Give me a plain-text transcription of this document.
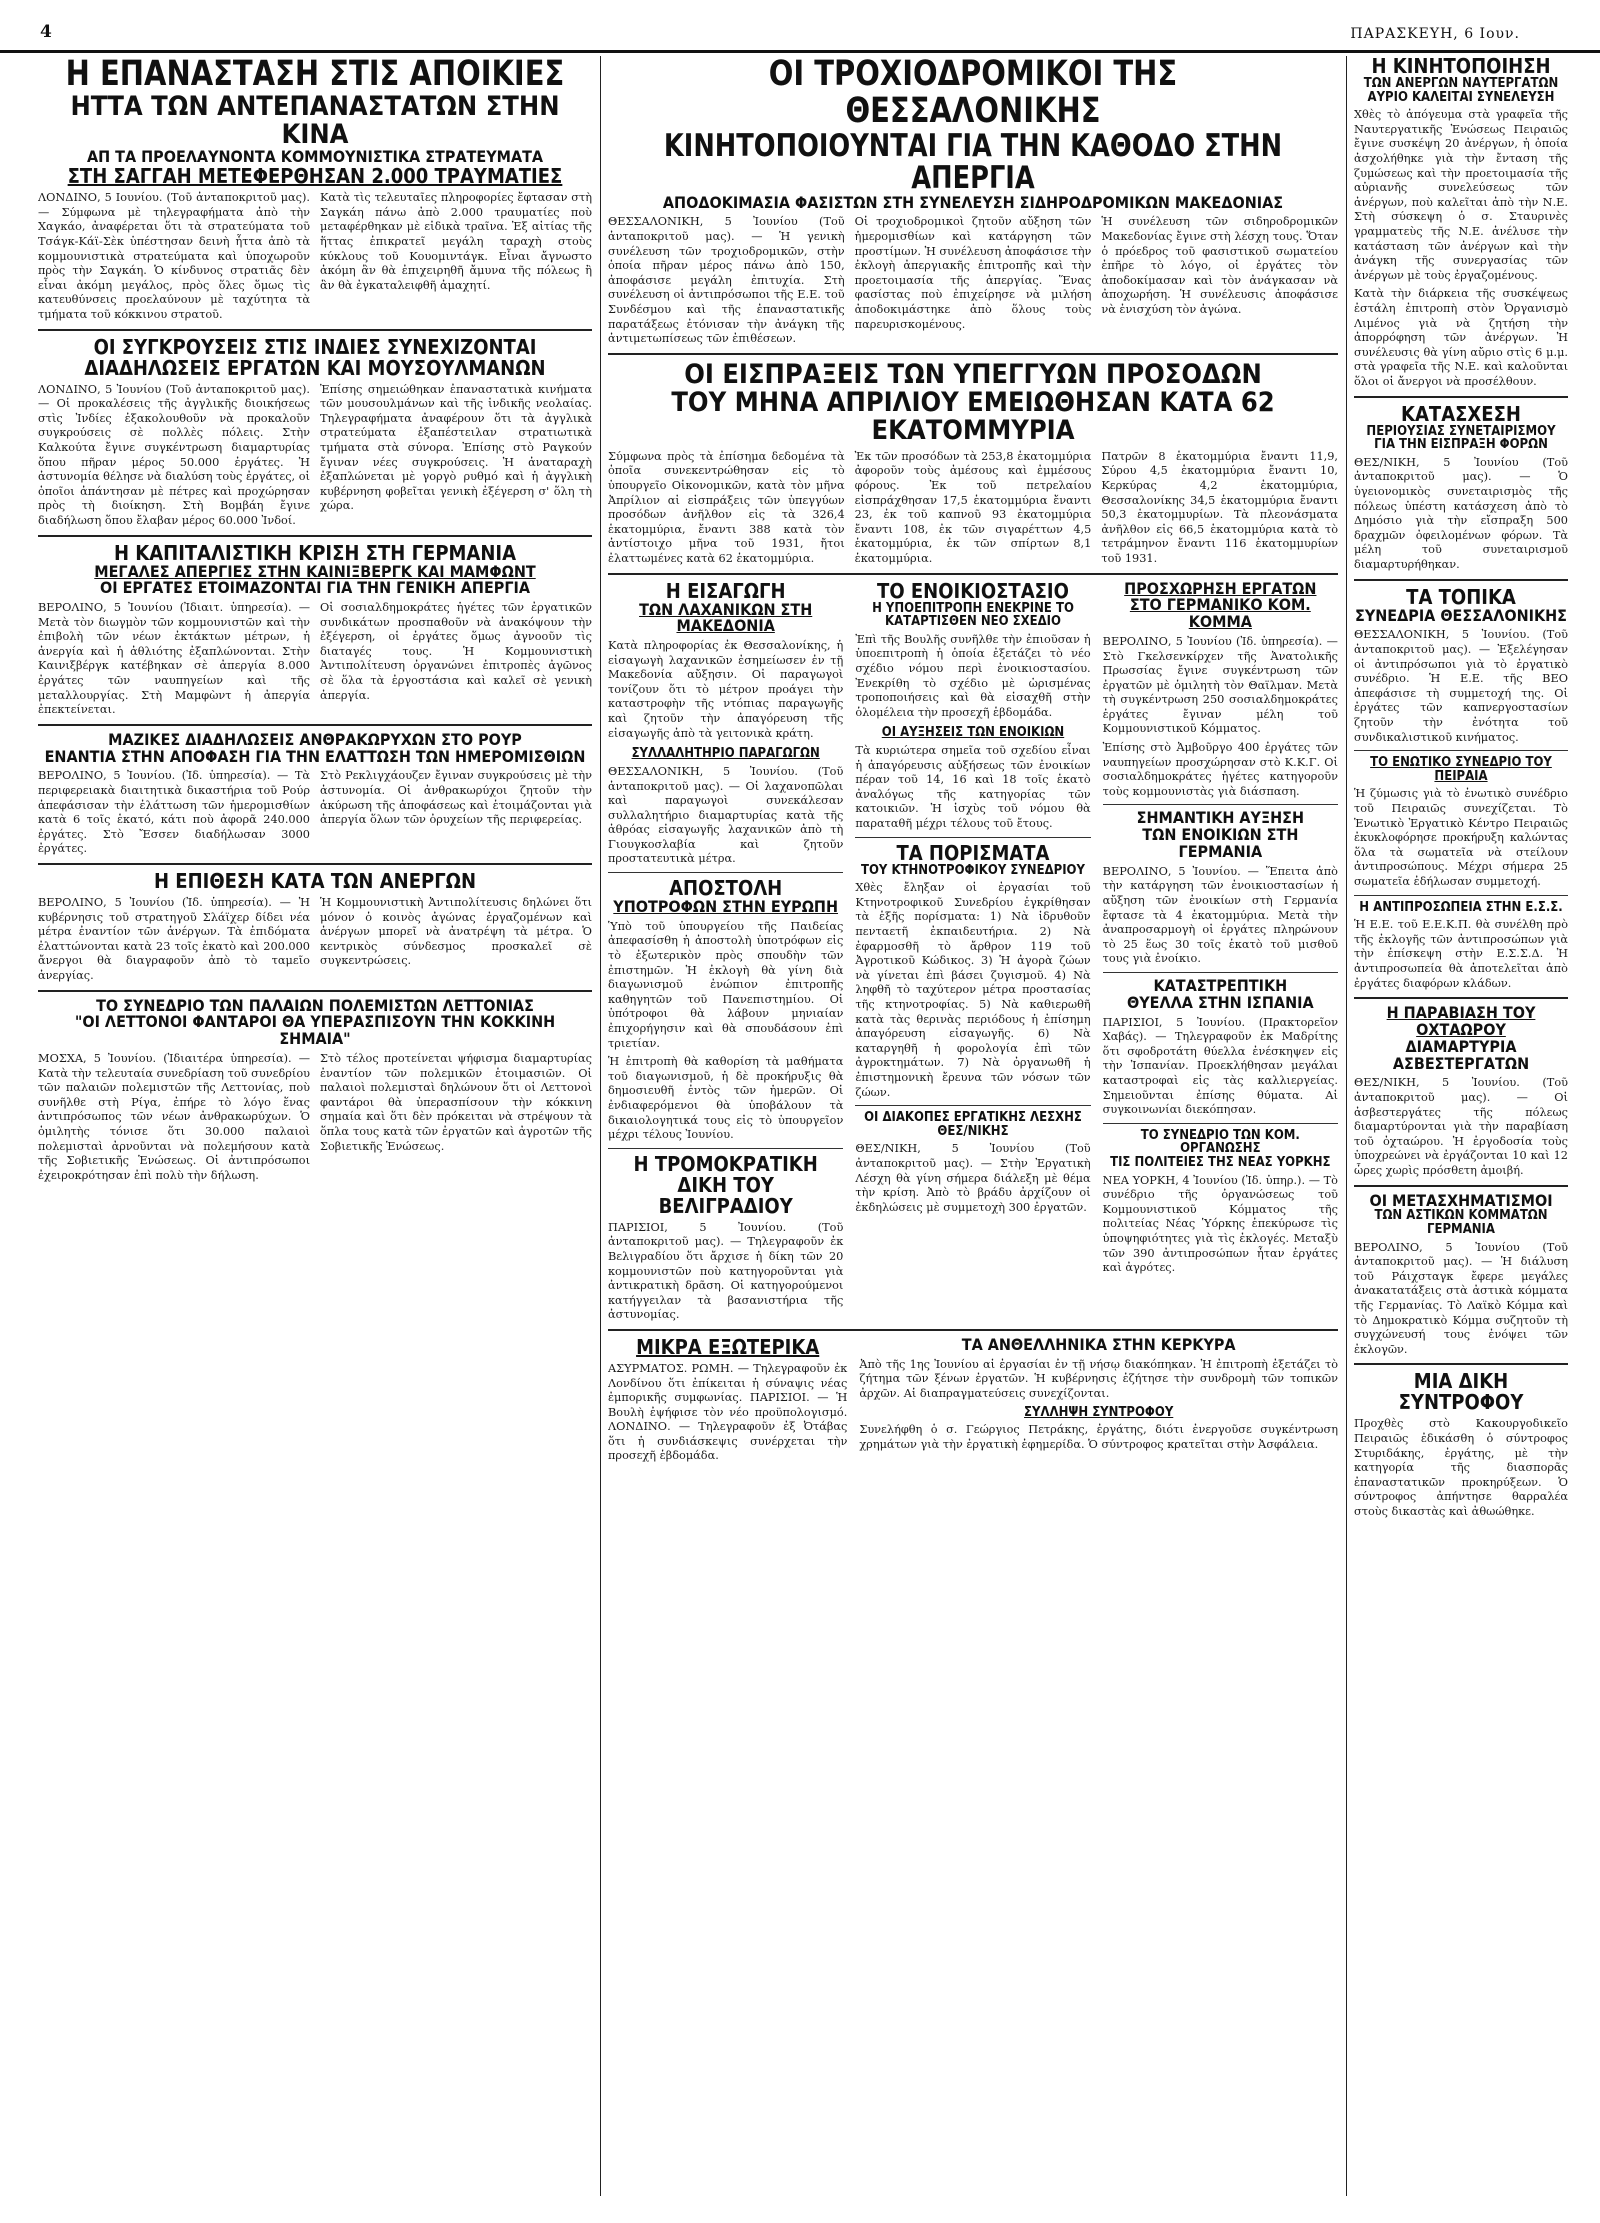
4	ΠΑΡΑΣΚΕΥΗ, 6 Ιουν.
Η ΕΠΑΝΑΣΤΑΣΗ ΣΤΙΣ ΑΠΟΙΚΙΕΣ
ΗΤΤΑ ΤΩΝ ΑΝΤΕΠΑΝΑΣΤΑΤΩΝ ΣΤΗΝ ΚΙΝΑ
ΑΠ ΤΑ ΠΡΟΕΛΑΥΝΟΝΤΑ ΚΟΜΜΟΥΝΙΣΤΙΚΑ ΣΤΡΑΤΕΥΜΑΤΑ
ΣΤΗ ΣΑΓΓΑΗ ΜΕΤΕΦΕΡΘΗΣΑΝ 2.000 ΤΡΑΥΜΑΤΙΕΣ

ΛΟΝΔΙΝΟ, 5 Ιουνίου. (Τοῦ ἀνταποκριτοῦ μας).— Σύμφωνα μὲ τηλεγραφήματα ἀπὸ τὴν Χαγκάο, ἀναφέρεται ὅτι τὰ στρατεύματα τοῦ Τσάγκ-Κάϊ-Σὲκ ὑπέστησαν δεινὴ ἧττα ἀπὸ τὰ κομμουνιστικὰ στρατεύματα καὶ ὑποχωροῦν πρὸς τὴν Σαγκάη. Ὁ κίνδυνος στρατιᾶς δὲν εἶναι ἀκόμη μεγάλος, πρὸς ὅλες ὅμως τὶς κατευθύνσεις προελαύνουν μὲ ταχύτητα τὰ τμήματα τοῦ κόκκινου στρατοῦ.

Κατὰ τὶς τελευταῖες πληροφορίες ἔφτασαν στὴ Σαγκάη πάνω ἀπὸ 2.000 τραυματίες ποὺ μεταφέρθηκαν μὲ εἰδικὰ τραῖνα. Ἐξ αἰτίας τῆς ἥττας ἐπικρατεῖ μεγάλη ταραχὴ στοὺς κύκλους τοῦ Κουομιντάγκ. Εἶναι ἄγνωστο ἀκόμη ἂν θὰ ἐπιχειρηθῆ ἄμυνα τῆς πόλεως ἢ ἂν θὰ ἐγκαταλειφθῆ ἀμαχητί.

ΟΙ ΣΥΓΚΡΟΥΣΕΙΣ ΣΤΙΣ ΙΝΔΙΕΣ ΣΥΝΕΧΙΖΟΝΤΑΙ
ΔΙΑΔΗΛΩΣΕΙΣ ΕΡΓΑΤΩΝ ΚΑΙ ΜΟΥΣΟΥΛΜΑΝΩΝ

ΛΟΝΔΙΝΟ, 5 Ἰουνίου (Τοῦ ἀνταποκριτοῦ μας). — Οἱ προκαλέσεις τῆς ἀγγλικῆς διοικήσεως στὶς Ἰνδίες ἐξακολουθοῦν νὰ προκαλοῦν συγκρούσεις σὲ πολλὲς πόλεις. Στὴν Καλκούτα ἔγινε συγκέντρωση διαμαρτυρίας ὅπου πῆραν μέρος 50.000 ἐργάτες. Ἡ ἀστυνομία θέλησε νὰ διαλύση τοὺς ἐργάτες, οἱ ὁποῖοι ἀπάντησαν μὲ πέτρες καὶ προχώρησαν πρὸς τὴ διοίκηση. Στὴ Βομβάη ἔγινε διαδήλωση ὅπου ἔλαβαν μέρος 60.000 Ἰνδοί.

Ἐπίσης σημειώθηκαν ἐπαναστατικὰ κινήματα τῶν μουσουλμάνων καὶ τῆς ἰνδικῆς νεολαίας. Τηλεγραφήματα ἀναφέρουν ὅτι τὰ ἀγγλικὰ στρατεύματα ἐξαπέστειλαν στρατιωτικὰ τμήματα στὰ σύνορα. Ἐπίσης στὸ Ραγκούν ἔγιναν νέες συγκρούσεις. Ἡ ἀναταραχὴ ἐξαπλώνεται μὲ γοργὸ ρυθμό καὶ ἡ ἀγγλικὴ κυβέρνηση φοβεῖται γενικὴ ἐξέγερση σ' ὅλη τὴ χώρα.

Η ΚΑΠΙΤΑΛΙΣΤΙΚΗ ΚΡΙΣΗ ΣΤΗ ΓΕΡΜΑΝΙΑ
ΜΕΓΑΛΕΣ ΑΠΕΡΓΙΕΣ ΣΤΗΝ ΚΑΙΝΙΞΒΕΡΓΚ ΚΑΙ ΜΑΜΦΩΝΤ
ΟΙ ΕΡΓΑΤΕΣ ΕΤΟΙΜΑΖΟΝΤΑΙ ΓΙΑ ΤΗΝ ΓΕΝΙΚΗ ΑΠΕΡΓΙΑ

ΒΕΡΟΛΙΝΟ, 5 Ἰουνίου (Ἰδιαιτ. ὑπηρεσία). — Μετὰ τὸν διωγμὸν τῶν κομμουνιστῶν καὶ τὴν ἐπιβολὴ τῶν νέων ἐκτάκτων μέτρων, ἡ ἀνεργία καὶ ἡ ἀθλιότης ἐξαπλώνονται. Στὴν Καινιξβέργκ κατέβηκαν σὲ ἀπεργία 8.000 ἐργάτες τῶν ναυπηγείων καὶ τῆς μεταλλουργίας. Στὴ Μαμφὼντ ἡ ἀπεργία ἐπεκτείνεται.

Οἱ σοσιαλδημοκράτες ἡγέτες τῶν ἐργατικῶν συνδικάτων προσπαθοῦν νὰ ἀνακόψουν τὴν ἐξέγερση, οἱ ἐργάτες ὅμως ἀγνοοῦν τὶς διαταγές τους. Ἡ Κομμουνιστικὴ Ἀντιπολίτευση ὀργανώνει ἐπιτροπὲς ἀγῶνος σὲ ὅλα τὰ ἐργοστάσια καὶ καλεῖ σὲ γενικὴ ἀπεργία.

ΜΑΖΙΚΕΣ ΔΙΑΔΗΛΩΣΕΙΣ ΑΝΘΡΑΚΩΡΥΧΩΝ ΣΤΟ ΡΟΥΡ
ΕΝΑΝΤΙΑ ΣΤΗΝ ΑΠΟΦΑΣΗ ΓΙΑ ΤΗΝ ΕΛΑΤΤΩΣΗ ΤΩΝ ΗΜΕΡΟΜΙΣΘΙΩΝ

ΒΕΡΟΛΙΝΟ, 5 Ἰουνίου. (Ἰδ. ὑπηρεσία). — Τὰ περιφερειακὰ διαιτητικὰ δικαστήρια τοῦ Ρούρ ἀπεφάσισαν τὴν ἐλάττωση τῶν ἡμερομισθίων κατὰ 6 τοῖς ἑκατό, κάτι ποὺ ἀφορᾶ 240.000 ἐργάτες. Στὸ Ἔσσεν διαδήλωσαν 3000 ἐργάτες.

Στὸ Ρεκλιγχάουζεν ἔγιναν συγκρούσεις μὲ τὴν ἀστυνομία. Οἱ ἀνθρακωρύχοι ζητοῦν τὴν ἀκύρωση τῆς ἀποφάσεως καὶ ἑτοιμάζονται γιὰ ἀπεργία ὅλων τῶν ὀρυχείων τῆς περιφερείας.

Η ΕΠΙΘΕΣΗ ΚΑΤΑ ΤΩΝ ΑΝΕΡΓΩΝ

ΒΕΡΟΛΙΝΟ, 5 Ἰουνίου (Ἰδ. ὑπηρεσία). — Ἡ κυβέρνησις τοῦ στρατηγοῦ Σλάϊχερ δίδει νέα μέτρα ἐναντίον τῶν ἀνέργων. Τὰ ἐπιδόματα ἐλαττώνονται κατὰ 23 τοῖς ἑκατὸ καὶ 200.000 ἄνεργοι θὰ διαγραφοῦν ἀπὸ τὸ ταμεῖο ἀνεργίας.

Ἡ Κομμουνιστικὴ Ἀντιπολίτευσις δηλώνει ὅτι μόνον ὁ κοινὸς ἀγώνας ἐργαζομένων καὶ ἀνέργων μπορεῖ νὰ ἀνατρέψη τὰ μέτρα. Ὁ κεντρικὸς σύνδεσμος προσκαλεῖ σὲ συγκεντρώσεις.

ΤΟ ΣΥΝΕΔΡΙΟ ΤΩΝ ΠΑΛΑΙΩΝ ΠΟΛΕΜΙΣΤΩΝ ΛΕΤΤΟΝΙΑΣ
"ΟΙ ΛΕΤΤΟΝΟΙ ΦΑΝΤΑΡΟΙ ΘΑ ΥΠΕΡΑΣΠΙΣΟΥΝ ΤΗΝ ΚΟΚΚΙΝΗ ΣΗΜΑΙΑ"

ΜΟΣΧΑ, 5 Ἰουνίου. (Ἰδιαιτέρα ὑπηρεσία). — Κατὰ τὴν τελευταία συνεδρίαση τοῦ συνεδρίου τῶν παλαιῶν πολεμιστῶν τῆς Λεττονίας, ποὺ συνῆλθε στὴ Ρίγα, ἐπήρε τὸ λόγο ἕνας ἀντιπρόσωπος τῶν νέων ἀνθρακωρύχων. Ὁ ὁμιλητὴς τόνισε ὅτι 30.000 παλαιοὶ πολεμισταὶ ἀρνοῦνται νὰ πολεμήσουν κατὰ τῆς Σοβιετικῆς Ἑνώσεως. Οἱ ἀντιπρόσωποι ἐχειροκρότησαν ἐπὶ πολὺ τὴν δήλωση.

Στὸ τέλος προτείνεται ψήφισμα διαμαρτυρίας ἐναντίον τῶν πολεμικῶν ἑτοιμασιῶν. Οἱ παλαιοὶ πολεμισταὶ δηλώνουν ὅτι οἱ Λεττονοὶ φαντάροι θὰ ὑπερασπίσουν τὴν κόκκινη σημαία καὶ ὅτι δὲν πρόκειται νὰ στρέψουν τὰ ὅπλα τους κατὰ τῶν ἐργατῶν καὶ ἀγροτῶν τῆς Σοβιετικῆς Ἑνώσεως.

ΟΙ ΤΡΟΧΙΟΔΡΟΜΙΚΟΙ ΤΗΣ ΘΕΣΣΑΛΟΝΙΚΗΣ
ΚΙΝΗΤΟΠΟΙΟΥΝΤΑΙ ΓΙΑ ΤΗΝ ΚΑΘΟΔΟ ΣΤΗΝ ΑΠΕΡΓΙΑ
ΑΠΟΔΟΚΙΜΑΣΙΑ ΦΑΣΙΣΤΩΝ ΣΤΗ ΣΥΝΕΛΕΥΣΗ ΣΙΔΗΡΟΔΡΟΜΙΚΩΝ ΜΑΚΕΔΟΝΙΑΣ

ΘΕΣΣΑΛΟΝΙΚΗ, 5 Ἰουνίου (Τοῦ ἀνταποκριτοῦ μας). — Ἡ γενικὴ συνέλευση τῶν τροχιοδρομικῶν, στὴν ὁποία πῆραν μέρος πάνω ἀπὸ 150, ἀποφάσισε μεγάλη ἐπιτυχία. Στὴ συνέλευση οἱ ἀντιπρόσωποι τῆς Ε.Ε. τοῦ Συνδέσμου καὶ τῆς ἐπαναστατικῆς παρατάξεως ἐτόνισαν τὴν ἀνάγκη τῆς ἀντιμετωπίσεως τῶν ἐπιθέσεων.

Οἱ τροχιοδρομικοὶ ζητοῦν αὔξηση τῶν ἡμερομισθίων καὶ κατάργηση τῶν προστίμων. Ἡ συνέλευση ἀποφάσισε τὴν ἐκλογὴ ἀπεργιακῆς ἐπιτροπῆς καὶ τὴν προετοιμασία τῆς ἀπεργίας. Ἕνας φασίστας ποὺ ἐπιχείρησε νὰ μιλήση ἀποδοκιμάστηκε ἀπὸ ὅλους τοὺς παρευρισκομένους.

Ἡ συνέλευση τῶν σιδηροδρομικῶν Μακεδονίας ἔγινε στὴ λέσχη τους. Ὅταν ὁ πρόεδρος τοῦ φασιστικοῦ σωματείου ἐπῆρε τὸ λόγο, οἱ ἐργάτες τὸν ἀποδοκίμασαν καὶ τὸν ἀνάγκασαν νὰ ἀποχωρήση. Ἡ συνέλευσις ἀποφάσισε νὰ ἐνισχύση τὸν ἀγώνα.

ΟΙ ΕΙΣΠΡΑΞΕΙΣ ΤΩΝ ΥΠΕΓΓΥΩΝ ΠΡΟΣΟΔΩΝ
ΤΟΥ ΜΗΝΑ ΑΠΡΙΛΙΟΥ ΕΜΕΙΩΘΗΣΑΝ ΚΑΤΑ 62 ΕΚΑΤΟΜΜΥΡΙΑ

Σύμφωνα πρὸς τὰ ἐπίσημα δεδομένα τὰ ὁποῖα συνεκεντρώθησαν εἰς τὸ ὑπουργεῖο Οἰκονομικῶν, κατὰ τὸν μῆνα Ἀπρίλιον αἱ εἰσπράξεις τῶν ὑπεγγύων προσόδων ἀνῆλθον εἰς τὰ 326,4 ἑκατομμύρια, ἔναντι 388 κατὰ τὸν ἀντίστοιχο μῆνα τοῦ 1931, ἤτοι ἐλαττωμένες κατὰ 62 ἑκατομμύρια.

Ἐκ τῶν προσόδων τὰ 253,8 ἑκατομμύρια ἀφοροῦν τοὺς ἀμέσους καὶ ἐμμέσους φόρους. Ἐκ τοῦ πετρελαίου εἰσπράχθησαν 17,5 ἑκατομμύρια ἔναντι 23, ἐκ τοῦ καπνοῦ 93 ἑκατομμύρια ἔναντι 108, ἐκ τῶν σιγαρέττων 4,5 ἑκατομμύρια, ἐκ τῶν σπίρτων 8,1 ἑκατομμύρια.

Πατρῶν 8 ἑκατομμύρια ἔναντι 11,9, Σύρου 4,5 ἑκατομμύρια ἔναντι 10, Κερκύρας 4,2 ἑκατομμύρια, Θεσσαλονίκης 34,5 ἑκατομμύρια ἔναντι 50,3 ἑκατομμυρίων. Τὰ πλεονάσματα ἀνῆλθον εἰς 66,5 ἑκατομμύρια κατὰ τὸ τετράμηνον ἔναντι 116 ἑκατομμυρίων τοῦ 1931.

Η ΕΙΣΑΓΩΓΗ
ΤΩΝ ΛΑΧΑΝΙΚΩΝ ΣΤΗ ΜΑΚΕΔΟΝΙΑ

Κατὰ πληροφορίας ἐκ Θεσσαλονίκης, ἡ εἰσαγωγὴ λαχανικῶν ἐσημείωσεν ἐν τῇ Μακεδονία αὔξησιν. Οἱ παραγωγοὶ τονίζουν ὅτι τὸ μέτρον προάγει τὴν καταστροφὴν τῆς ντόπιας παραγωγῆς καὶ ζητοῦν τὴν ἀπαγόρευση τῆς εἰσαγωγῆς ἀπὸ τὰ γειτονικὰ κράτη.

ΣΥΛΛΑΛΗΤΗΡΙΟ ΠΑΡΑΓΩΓΩΝ

ΘΕΣΣΑΛΟΝΙΚΗ, 5 Ἰουνίου. (Τοῦ ἀνταποκριτοῦ μας). — Οἱ λαχανοπῶλαι καὶ παραγωγοὶ συνεκάλεσαν συλλαλητήριο διαμαρτυρίας κατὰ τῆς ἀθρόας εἰσαγωγῆς λαχανικῶν ἀπὸ τὴ Γιουγκοσλαβία καὶ ζητοῦν προστατευτικὰ μέτρα.

ΑΠΟΣΤΟΛΗ
ΥΠΟΤΡΟΦΩΝ ΣΤΗΝ ΕΥΡΩΠΗ

Ὑπὸ τοῦ ὑπουργείου τῆς Παιδείας ἀπεφασίσθη ἡ ἀποστολὴ ὑποτρόφων εἰς τὸ ἐξωτερικὸν πρὸς σπουδὴν τῶν ἐπιστημῶν. Ἡ ἐκλογὴ θὰ γίνη διὰ διαγωνισμοῦ ἐνώπιον ἐπιτροπῆς καθηγητῶν τοῦ Πανεπιστημίου. Οἱ ὑπότροφοι θὰ λάβουν μηνιαίαν ἐπιχορήγησιν καὶ θὰ σπουδάσουν ἐπὶ τριετίαν.

Ἡ ἐπιτροπὴ θὰ καθορίση τὰ μαθήματα τοῦ διαγωνισμοῦ, ἡ δὲ προκήρυξις θὰ δημοσιευθῆ ἐντὸς τῶν ἡμερῶν. Οἱ ἐνδιαφερόμενοι θὰ ὑποβάλουν τὰ δικαιολογητικά τους εἰς τὸ ὑπουργεῖον μέχρι τέλους Ἰουνίου.

Η ΤΡΟΜΟΚΡΑΤΙΚΗ
ΔΙΚΗ ΤΟΥ ΒΕΛΙΓΡΑΔΙΟΥ

ΠΑΡΙΣΙΟΙ, 5 Ἰουνίου. (Τοῦ ἀνταποκριτοῦ μας). — Τηλεγραφοῦν ἐκ Βελιγραδίου ὅτι ἄρχισε ἡ δίκη τῶν 20 κομμουνιστῶν ποὺ κατηγοροῦνται γιὰ ἀντικρατικὴ δρᾶση. Οἱ κατηγορούμενοι κατήγγειλαν τὰ βασανιστήρια τῆς ἀστυνομίας.

ΤΟ ΕΝΟΙΚΙΟΣΤΑΣΙΟ
Η ΥΠΟΕΠΙΤΡΟΠΗ ΕΝΕΚΡΙΝΕ ΤΟ ΚΑΤΑΡΤΙΣΘΕΝ ΝΕΟ ΣΧΕΔΙΟ

Ἐπὶ τῆς Βουλῆς συνῆλθε τὴν ἐπιοῦσαν ἡ ὑποεπιτροπὴ ἡ ὁποία ἐξετάζει τὸ νέο σχέδιο νόμου περὶ ἐνοικιοστασίου. Ἐνεκρίθη τὸ σχέδιο μὲ ὡρισμένας τροποποιήσεις καὶ θὰ εἰσαχθῆ στὴν ὁλομέλεια τὴν προσεχῆ ἑβδομάδα.

ΟΙ ΑΥΞΗΣΕΙΣ ΤΩΝ ΕΝΟΙΚΙΩΝ

Τὰ κυριώτερα σημεῖα τοῦ σχεδίου εἶναι ἡ ἀπαγόρευσις αὐξήσεως τῶν ἐνοικίων πέραν τοῦ 14, 16 καὶ 18 τοῖς ἑκατὸ ἀναλόγως τῆς κατηγορίας τῶν κατοικιῶν. Ἡ ἰσχὺς τοῦ νόμου θὰ παραταθῆ μέχρι τέλους τοῦ ἔτους.

ΤΑ ΠΟΡΙΣΜΑΤΑ
ΤΟΥ ΚΤΗΝΟΤΡΟΦΙΚΟΥ ΣΥΝΕΔΡΙΟΥ

Χθὲς ἔληξαν οἱ ἐργασίαι τοῦ Κτηνοτροφικοῦ Συνεδρίου ἐγκρίθησαν τὰ ἑξῆς πορίσματα: 1) Νὰ ἱδρυθοῦν πενταετῆ ἐκπαιδευτήρια. 2) Νὰ ἐφαρμοσθῆ τὸ ἄρθρον 119 τοῦ Ἀγροτικοῦ Κώδικος. 3) Ἡ ἀγορὰ ζώων νὰ γίνεται ἐπὶ βάσει ζυγισμοῦ. 4) Νὰ ληφθῆ τὸ ταχύτερον μέτρα προστασίας τῆς κτηνοτροφίας. 5) Νὰ καθιερωθῆ κατὰ τὰς θερινὰς περιόδους ἡ ἐπίσημη ἀπαγόρευση εἰσαγωγῆς. 6) Νὰ καταργηθῆ ἡ φορολογία ἐπὶ τῶν ἀγροκτημάτων. 7) Νὰ ὀργανωθῆ ἡ ἐπιστημονικὴ ἔρευνα τῶν νόσων τῶν ζώων.

ΟΙ ΔΙΑΚΟΠΕΣ ΕΡΓΑΤΙΚΗΣ ΛΕΣΧΗΣ ΘΕΣ/ΝΙΚΗΣ

ΘΕΣ/ΝΙΚΗ, 5 Ἰουνίου (Τοῦ ἀνταποκριτοῦ μας). — Στὴν Ἐργατικὴ Λέσχη θὰ γίνη σήμερα διάλεξη μὲ θέμα τὴν κρίση. Ἀπὸ τὸ βράδυ ἀρχίζουν οἱ ἐκδηλώσεις μὲ συμμετοχὴ 300 ἐργατῶν.

ΠΡΟΣΧΩΡΗΣΗ ΕΡΓΑΤΩΝ
ΣΤΟ ΓΕΡΜΑΝΙΚΟ ΚΟΜ. ΚΟΜΜΑ

ΒΕΡΟΛΙΝΟ, 5 Ἰουνίου (Ἰδ. ὑπηρεσία). — Στὸ Γκελσενκίρχεν τῆς Ἀνατολικῆς Πρωσσίας ἔγινε συγκέντρωση τῶν ἐργατῶν μὲ ὁμιλητὴ τὸν Θαϊλμαν. Μετὰ τὴ συγκέντρωση 250 σοσιαλδημοκράτες ἐργάτες ἔγιναν μέλη τοῦ Κομμουνιστικοῦ Κόμματος.

Ἐπίσης στὸ Ἀμβοῦργο 400 ἐργάτες τῶν ναυπηγείων προσχώρησαν στὸ Κ.Κ.Γ. Οἱ σοσιαλδημοκράτες ἡγέτες κατηγοροῦν τοὺς κομμουνιστὰς γιὰ διάσπαση.

ΣΗΜΑΝΤΙΚΗ ΑΥΞΗΣΗ
ΤΩΝ ΕΝΟΙΚΙΩΝ ΣΤΗ ΓΕΡΜΑΝΙΑ

ΒΕΡΟΛΙΝΟ, 5 Ἰουνίου. — Ἕπειτα ἀπὸ τὴν κατάργηση τῶν ἐνοικιοστασίων ἡ αὔξηση τῶν ἐνοικίων στὴ Γερμανία ἔφτασε τὰ 4 ἑκατομμύρια. Μετὰ τὴν ἀναπροσαρμογὴ οἱ ἐργάτες πληρώνουν τὸ 25 ἕως 30 τοῖς ἑκατὸ τοῦ μισθοῦ τους γιὰ ἐνοίκιο.

ΚΑΤΑΣΤΡΕΠΤΙΚΗ
ΘΥΕΛΛΑ ΣΤΗΝ ΙΣΠΑΝΙΑ

ΠΑΡΙΣΙΟΙ, 5 Ἰουνίου. (Πρακτορεῖον Χαβάς). — Τηλεγραφοῦν ἐκ Μαδρίτης ὅτι σφοδροτάτη θύελλα ἐνέσκηψεν εἰς τὴν Ἱσπανίαν. Προεκλήθησαν μεγάλαι καταστροφαὶ εἰς τὰς καλλιεργείας. Σημειοῦνται ἐπίσης θύματα. Αἱ συγκοινωνίαι διεκόπησαν.

ΤΟ ΣΥΝΕΔΡΙΟ ΤΩΝ ΚΟΜ. ΟΡΓΑΝΩΣΗΣ
ΤΙΣ ΠΟΛΙΤΕΙΕΣ ΤΗΣ ΝΕΑΣ ΥΟΡΚΗΣ

ΝΕΑ ΥΟΡΚΗ, 4 Ἰουνίου (Ἰδ. ὑπηρ.). — Τὸ συνέδριο τῆς ὀργανώσεως τοῦ Κομμουνιστικοῦ Κόμματος τῆς πολιτείας Νέας Ὑόρκης ἐπεκύρωσε τὶς ὑποψηφιότητες γιὰ τὶς ἐκλογές. Μεταξὺ τῶν 390 ἀντιπροσώπων ἦταν ἐργάτες καὶ ἀγρότες.

ΜΙΚΡΑ ΕΞΩΤΕΡΙΚΑ

ΑΣΥΡΜΑΤΟΣ. ΡΩΜΗ. — Τηλεγραφοῦν ἐκ Λονδίνου ὅτι ἐπίκειται ἡ σύναψις νέας ἐμπορικῆς συμφωνίας. ΠΑΡΙΣΙΟΙ. — Ἡ Βουλὴ ἐψήφισε τὸν νέο προϋπολογισμό. ΛΟΝΔΙΝΟ. — Τηλεγραφοῦν ἐξ Ὀτάβας ὅτι ἡ συνδιάσκεψις συνέρχεται τὴν προσεχῆ ἑβδομάδα.

ΤΑ ΑΝΘΕΛΛΗΝΙΚΑ ΣΤΗΝ ΚΕΡΚΥΡΑ

Ἀπὸ τῆς 1ης Ἰουνίου αἱ ἐργασίαι ἐν τῇ νήσῳ διακόπηκαν. Ἡ ἐπιτροπὴ ἐξετάζει τὸ ζήτημα τῶν ξένων ἐργατῶν. Ἡ κυβέρνησις ἐζήτησε τὴν συνδρομὴ τῶν τοπικῶν ἀρχῶν. Αἱ διαπραγματεύσεις συνεχίζονται.

ΣΥΛΛΗΨΗ ΣΥΝΤΡΟΦΟΥ

Συνελήφθη ὁ σ. Γεώργιος Πετράκης, ἐργάτης, διότι ἐνεργοῦσε συγκέντρωση χρημάτων γιὰ τὴν ἐργατικὴ ἐφημερίδα. Ὁ σύντροφος κρατεῖται στὴν Ἀσφάλεια.

Η ΚΙΝΗΤΟΠΟΙΗΣΗ
ΤΩΝ ΑΝΕΡΓΩΝ ΝΑΥΤΕΡΓΑΤΩΝ
ΑΥΡΙΟ ΚΑΛΕΙΤΑΙ ΣΥΝΕΛΕΥΣΗ

Χθὲς τὸ ἀπόγευμα στὰ γραφεῖα τῆς Ναυτεργατικῆς Ἑνώσεως Πειραιῶς ἔγινε συσκέψη 20 ἀνέργων, ἡ ὁποία ἀσχολήθηκε γιὰ τὴν ἔνταση τῆς ζυμώσεως καὶ τὴν προετοιμασία τῆς αὐριανῆς συνελεύσεως τῶν ἀνέργων, ποὺ καλεῖται ἀπὸ τὴν Ν.Ε. Στὴ σύσκεψη ὁ σ. Σταυρινὲς γραμματεὺς τῆς Ν.Ε. ἀνέλυσε τὴν κατάσταση τῶν ἀνέργων καὶ τὴν ἀνάγκη τῆς συνεργασίας τῶν ἀνέργων μὲ τοὺς ἐργαζομένους.

Κατὰ τὴν διάρκεια τῆς συσκέψεως ἐστάλη ἐπιτροπὴ στὸν Ὀργανισμὸ Λιμένος γιὰ νὰ ζητήση τὴν ἀπορρόφηση τῶν ἀνέργων. Ἡ συνέλευσις θὰ γίνη αὔριο στὶς 6 μ.μ. στὰ γραφεῖα τῆς Ν.Ε. καὶ καλοῦνται ὅλοι οἱ ἄνεργοι νὰ προσέλθουν.

ΚΑΤΑΣΧΕΣΗ
ΠΕΡΙΟΥΣΙΑΣ ΣΥΝΕΤΑΙΡΙΣΜΟΥ
ΓΙΑ ΤΗΝ ΕΙΣΠΡΑΞΗ ΦΟΡΩΝ

ΘΕΣ/ΝΙΚΗ, 5 Ἰουνίου (Τοῦ ἀνταποκριτοῦ μας). — Ὁ ὑγειονομικὸς συνεταιρισμὸς τῆς πόλεως ὑπέστη κατάσχεση ἀπὸ τὸ Δημόσιο γιὰ τὴν εἴσπραξη 500 δραχμῶν ὀφειλομένων φόρων. Τὰ μέλη τοῦ συνεταιρισμοῦ διαμαρτυρήθηκαν.

ΤΑ ΤΟΠΙΚΑ
ΣΥΝΕΔΡΙΑ ΘΕΣΣΑΛΟΝΙΚΗΣ

ΘΕΣΣΑΛΟΝΙΚΗ, 5 Ἰουνίου. (Τοῦ ἀνταποκριτοῦ μας). — Ἐξελέγησαν οἱ ἀντιπρόσωποι γιὰ τὸ ἐργατικὸ συνέδριο. Ἡ Ε.Ε. τῆς ΒΕΟ ἀπεφάσισε τὴ συμμετοχή της. Οἱ ἐργάτες τῶν καπνεργοστασίων ζητοῦν τὴν ἐνότητα τοῦ συνδικαλιστικοῦ κινήματος.

ΤΟ ΕΝΩΤΙΚΟ ΣΥΝΕΔΡΙΟ ΤΟΥ ΠΕΙΡΑΙΑ

Ἡ ζύμωσις γιὰ τὸ ἑνωτικὸ συνέδριο τοῦ Πειραιῶς συνεχίζεται. Τὸ Ἑνωτικὸ Ἐργατικὸ Κέντρο Πειραιῶς ἐκυκλοφόρησε προκήρυξη καλώντας ὅλα τὰ σωματεῖα νὰ στείλουν ἀντιπροσώπους. Μέχρι σήμερα 25 σωματεῖα ἐδήλωσαν συμμετοχή.

Η ΑΝΤΙΠΡΟΣΩΠΕΙΑ ΣΤΗΝ Ε.Σ.Σ.

Ἡ Ε.Ε. τοῦ Ε.Ε.Κ.Π. θὰ συνέλθη πρὸ τῆς ἐκλογῆς τῶν ἀντιπροσώπων γιὰ τὴν ἐπίσκεψη στὴν Ε.Σ.Σ.Δ. Ἡ ἀντιπροσωπεία θὰ ἀποτελεῖται ἀπὸ ἐργάτες διαφόρων κλάδων.

Η ΠΑΡΑΒΙΑΣΗ ΤΟΥ ΟΧΤΑΩΡΟΥ
ΔΙΑΜΑΡΤΥΡΙΑ ΑΣΒΕΣΤΕΡΓΑΤΩΝ

ΘΕΣ/ΝΙΚΗ, 5 Ἰουνίου. (Τοῦ ἀνταποκριτοῦ μας). — Οἱ ἀσβεστεργάτες τῆς πόλεως διαμαρτύρονται γιὰ τὴν παραβίαση τοῦ ὀχταώρου. Ἡ ἐργοδοσία τοὺς ὑποχρεώνει νὰ ἐργάζονται 10 καὶ 12 ὧρες χωρὶς πρόσθετη ἀμοιβή.

ΟΙ ΜΕΤΑΣΧΗΜΑΤΙΣΜΟΙ
ΤΩΝ ΑΣΤΙΚΩΝ ΚΟΜΜΑΤΩΝ ΓΕΡΜΑΝΙΑ

ΒΕΡΟΛΙΝΟ, 5 Ἰουνίου (Τοῦ ἀνταποκριτοῦ μας). — Ἡ διάλυση τοῦ Ράιχσταγκ ἔφερε μεγάλες ἀνακατατάξεις στὰ ἀστικὰ κόμματα τῆς Γερμανίας. Τὸ Λαϊκὸ Κόμμα καὶ τὸ Δημοκρατικὸ Κόμμα συζητοῦν τὴ συγχώνευσή τους ἐνόψει τῶν ἐκλογῶν.

ΜΙΑ ΔΙΚΗ ΣΥΝΤΡΟΦΟΥ

Προχθὲς στὸ Κακουργοδικεῖο Πειραιῶς ἐδικάσθη ὁ σύντροφος Στυριδάκης, ἐργάτης, μὲ τὴν κατηγορία τῆς διασπορᾶς ἐπαναστατικῶν προκηρύξεων. Ὁ σύντροφος ἀπήντησε θαρραλέα στοὺς δικαστὰς καὶ ἀθωώθηκε.
